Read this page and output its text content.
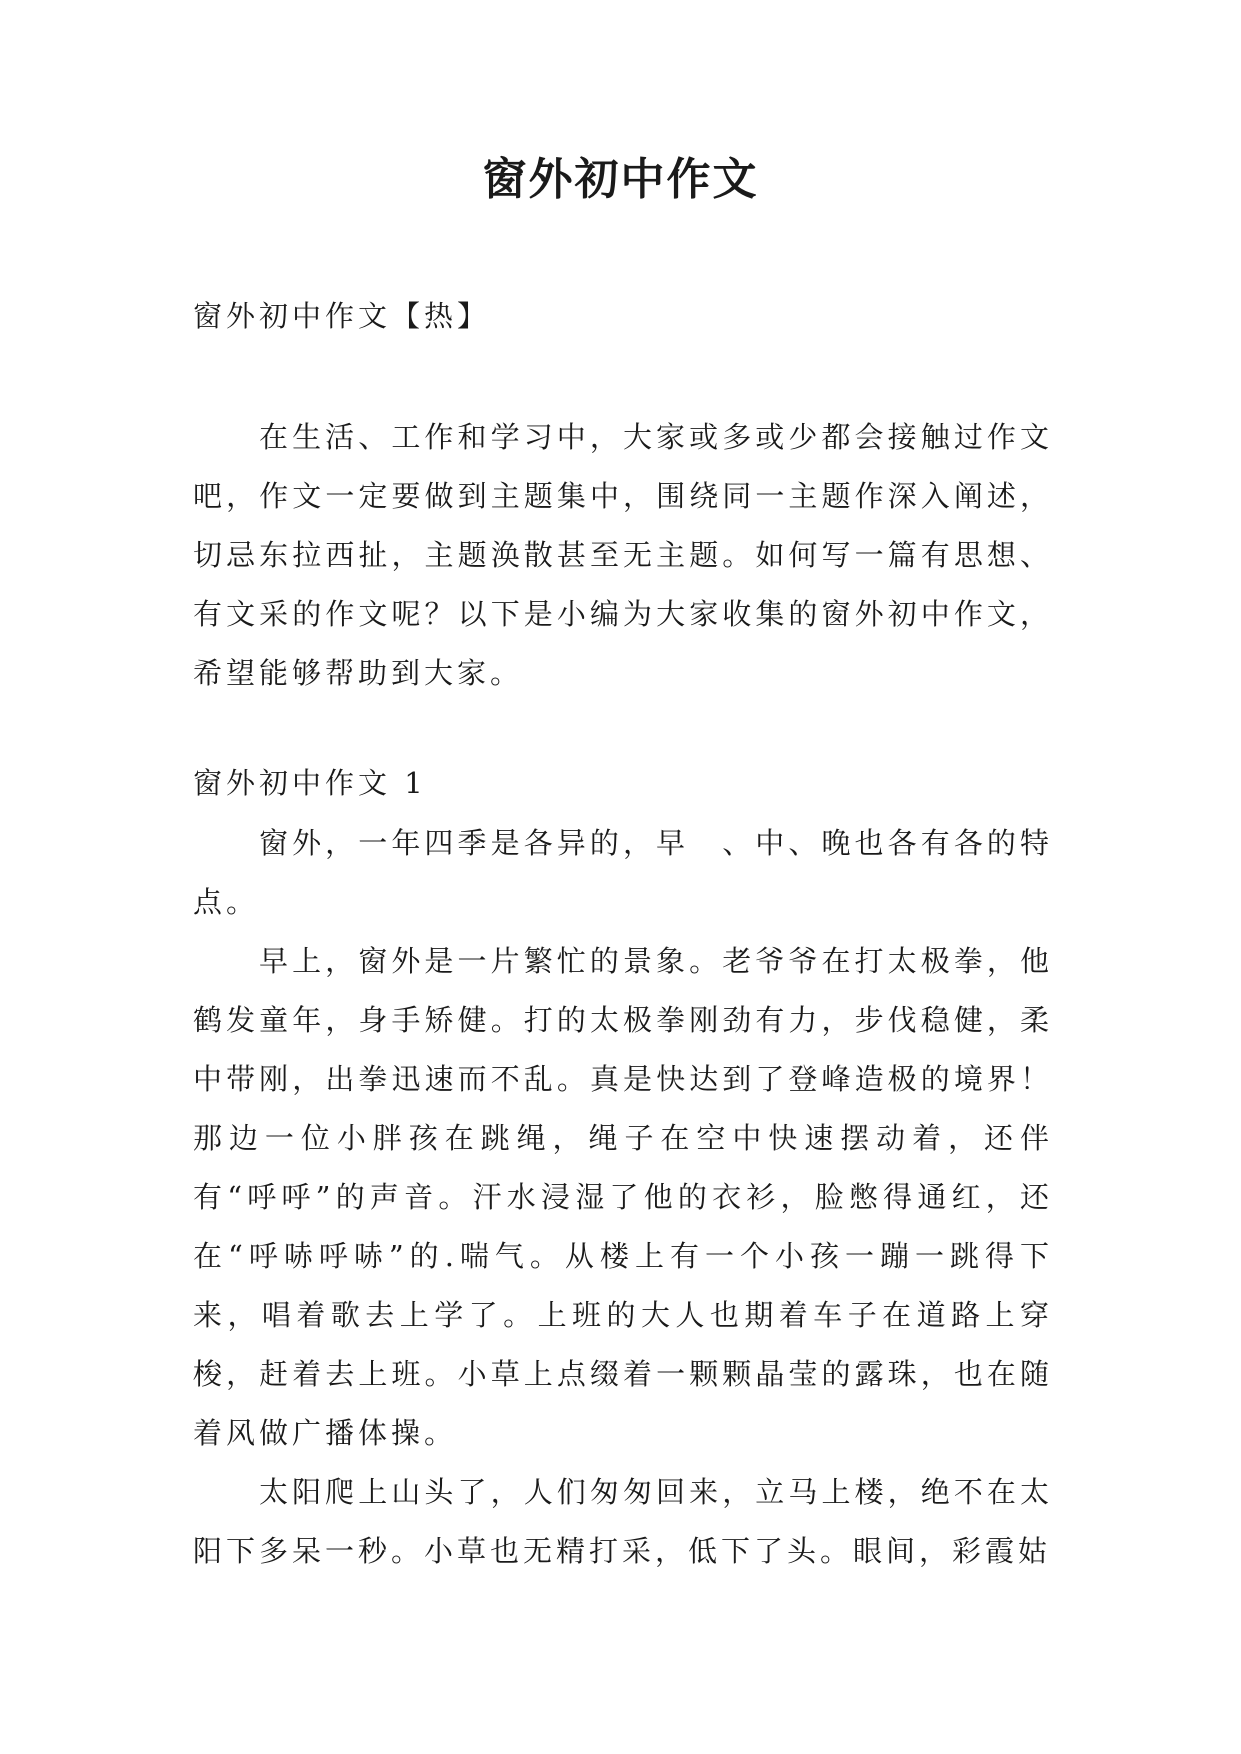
窗外初中作文

窗外初中作文【热】

在生活、工作和学习中，大家或多或少都会接触过作文吧，作文一定要做到主题集中，围绕同一主题作深入阐述，切忌东拉西扯，主题涣散甚至无主题。如何写一篇有思想、有文采的作文呢？以下是小编为大家收集的窗外初中作文，希望能够帮助到大家。

窗外初中作文 1

窗外，一年四季是各异的，早　、中、晚也各有各的特点。

早上，窗外是一片繁忙的景象。老爷爷在打太极拳，他鹤发童年，身手矫健。打的太极拳刚劲有力，步伐稳健，柔中带刚，出拳迅速而不乱。真是快达到了登峰造极的境界！那边一位小胖孩在跳绳，绳子在空中快速摆动着，还伴有“呼呼”的声音。汗水浸湿了他的衣衫，脸憋得通红，还在“呼哧呼哧”的.喘气。从楼上有一个小孩一蹦一跳得下来，唱着歌去上学了。上班的大人也期着车子在道路上穿梭，赶着去上班。小草上点缀着一颗颗晶莹的露珠，也在随着风做广播体操。

太阳爬上山头了，人们匆匆回来，立马上楼，绝不在太阳下多呆一秒。小草也无精打采，低下了头。眼间，彩霞姑
